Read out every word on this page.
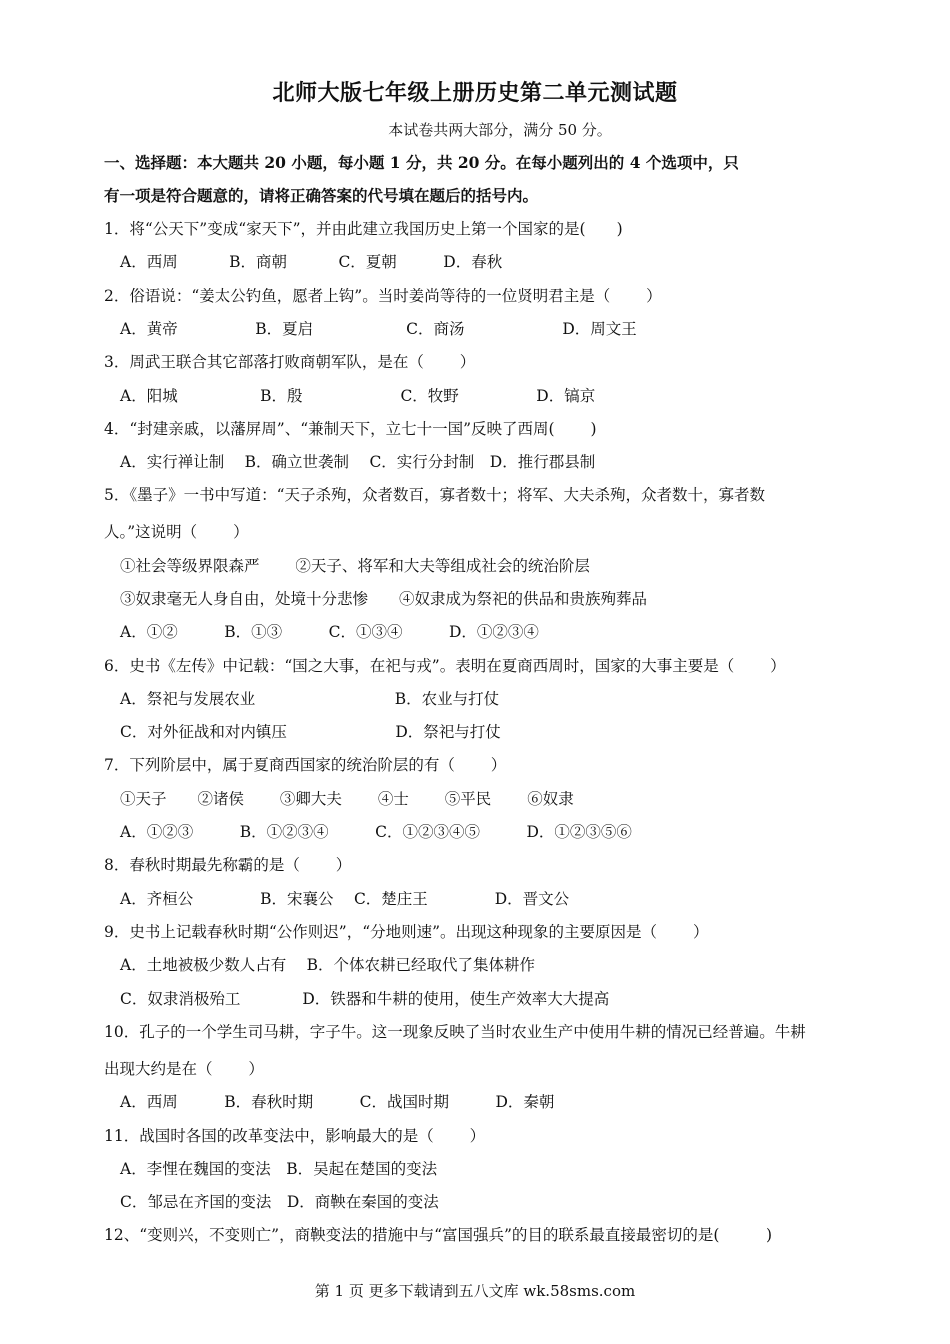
北师大版七年级上册历史第二单元测试题
本试卷共两大部分，满分 50 分。
一、选择题：本大题共 20 小题，每小题 1 分，共 20 分。在每小题列出的 4 个选项中，只
有一项是符合题意的，请将正确答案的代号填在题后的括号内。
1．将“公天下”变成“家天下”，并由此建立我国历史上第一个国家的是(　　)
A．西周　　　 B．商朝　　　 C．夏朝　　　D．春秋
2．俗语说：“姜太公钓鱼，愿者上钩”。当时姜尚等待的一位贤明君主是（　　 ）
A．黄帝　　　　　B．夏启　　　　　　C．商汤　　　　　　 D．周文王
3．周武王联合其它部落打败商朝军队，是在（　　 ）
A．阳城　　　　　 B．殷　　　　　　 C．牧野　　　　　D．镐京
4．“封建亲戚，以藩屏周”、“兼制天下，立七十一国”反映了西周(　　 )
A．实行禅让制　 B．确立世袭制　 C．实行分封制　D．推行郡县制
5．《墨子》一书中写道：“天子杀殉，众者数百，寡者数十；将军、大夫杀殉，众者数十，寡者数
人。”这说明（　　 ）
①社会等级界限森严　　 ②天子、将军和大夫等组成社会的统治阶层
③奴隶毫无人身自由，处境十分悲惨　　④奴隶成为祭祀的供品和贵族殉葬品
A．①②　　　B．①③　　　C．①③④　　　D．①②③④
6．史书《左传》中记载：“国之大事，在祀与戎”。表明在夏商西周时，国家的大事主要是（　　 ）
A．祭祀与发展农业　　　　　　　　　B．农业与打仗
C．对外征战和对内镇压　　　　　　　D．祭祀与打仗
7．下列阶层中，属于夏商西国家的统治阶层的有（　　 ）
①天子　　②诸侯　　 ③卿大夫　　 ④士　　 ⑤平民　　 ⑥奴隶
A．①②③　　　B．①②③④　　　C．①②③④⑤　　　D．①②③⑤⑥
8．春秋时期最先称霸的是（　　 ）
A．齐桓公　　　　 B．宋襄公　 C．楚庄王　　　　 D．晋文公
9．史书上记载春秋时期“公作则迟”，“分地则速”。出现这种现象的主要原因是（　　 ）
A．土地被极少数人占有　 B．个体农耕已经取代了集体耕作
C．奴隶消极殆工　　　　D．铁器和牛耕的使用，使生产效率大大提高
10．孔子的一个学生司马耕，字子牛。这一现象反映了当时农业生产中使用牛耕的情况已经普遍。牛耕
出现大约是在（　　 ）
A．西周　　　B．春秋时期　　　C．战国时期　　　D．秦朝
11．战国时各国的改革变法中，影响最大的是（　　 ）
A．李悝在魏国的变法　B．吴起在楚国的变法
C．邹忌在齐国的变法　D．商鞅在秦国的变法
12、“变则兴，不变则亡”，商鞅变法的措施中与“富国强兵”的目的联系最直接最密切的是(　　　)
第 1 页 更多下载请到五八文库 wk.58sms.com
